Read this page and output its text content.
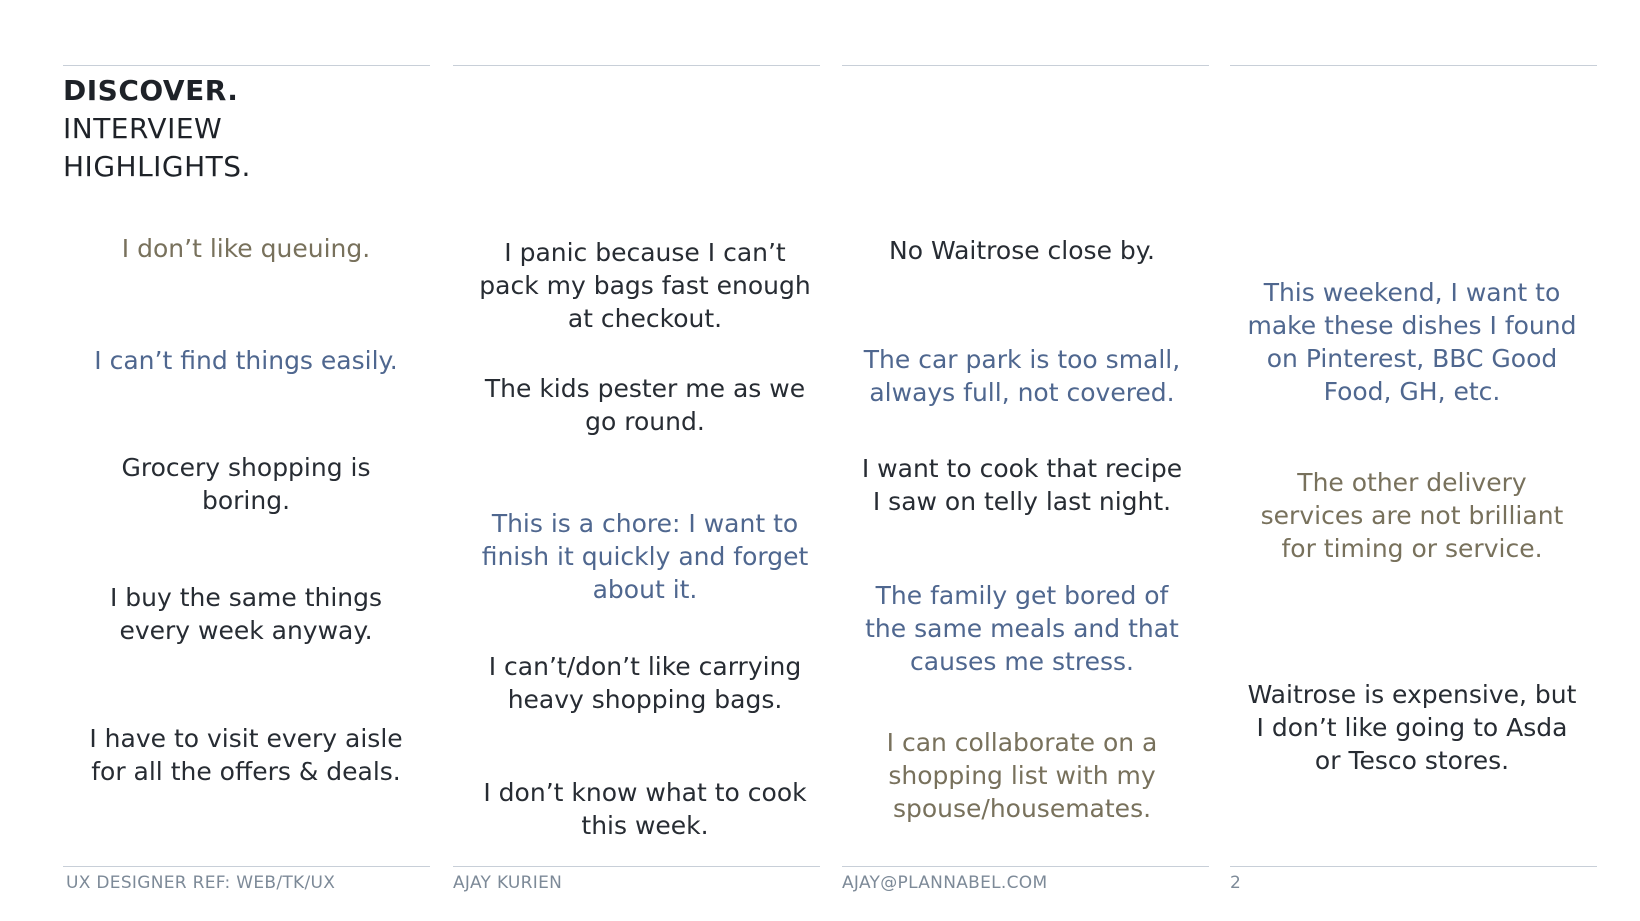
DISCOVER.
INTERVIEW
HIGHLIGHTS.
I don’t like queuing.
I can’t find things easily.
Grocery shopping is
boring.
I buy the same things
every week anyway.
I have to visit every aisle
for all the offers & deals.
I panic because I can’t
pack my bags fast enough
at checkout.
The kids pester me as we
go round.
This is a chore: I want to
finish it quickly and forget
about it.
I can’t/don’t like carrying
heavy shopping bags.
I don’t know what to cook
this week.
No Waitrose close by.
The car park is too small,
always full, not covered.
I want to cook that recipe
I saw on telly last night.
The family get bored of
the same meals and that
causes me stress.
I can collaborate on a
shopping list with my
spouse/housemates.
This weekend, I want to
make these dishes I found
on Pinterest, BBC Good
Food, GH, etc.
The other delivery
services are not brilliant
for timing or service.
Waitrose is expensive, but
I don’t like going to Asda
or Tesco stores.
UX DESIGNER REF: WEB/TK/UX	AJAY KURIEN	AJAY@PLANNABEL.COM	2
